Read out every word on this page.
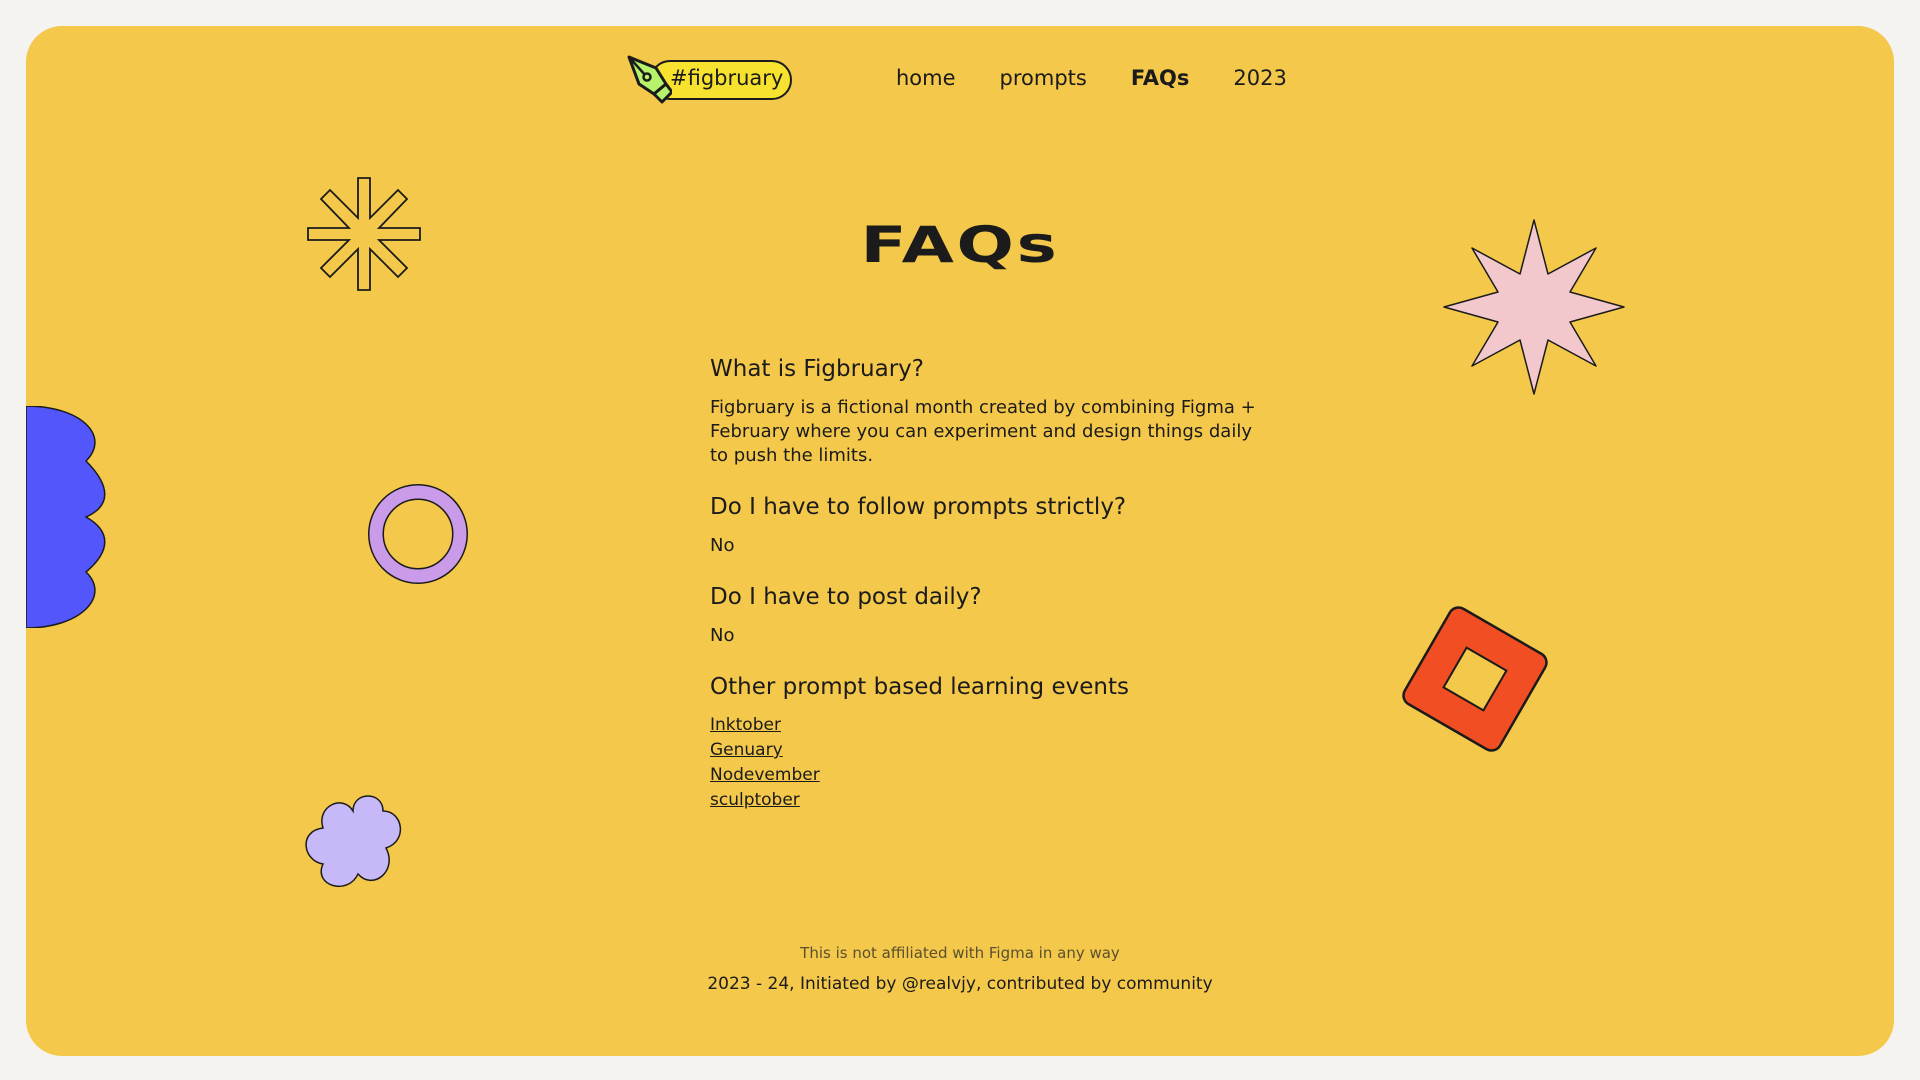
#figbruary	home prompts FAQs 2023
FAQs
What is Figbruary?

Figbruary is a fictional month created by combining Figma + February where you can experiment and design things daily to push the limits.

Do I have to follow prompts strictly?

No

Do I have to post daily?

No

Other prompt based learning events
Inktober
Genuary
Nodevember
sculptober
This is not affiliated with Figma in any way
2023 - 24, Initiated by @realvjy, contributed by community
